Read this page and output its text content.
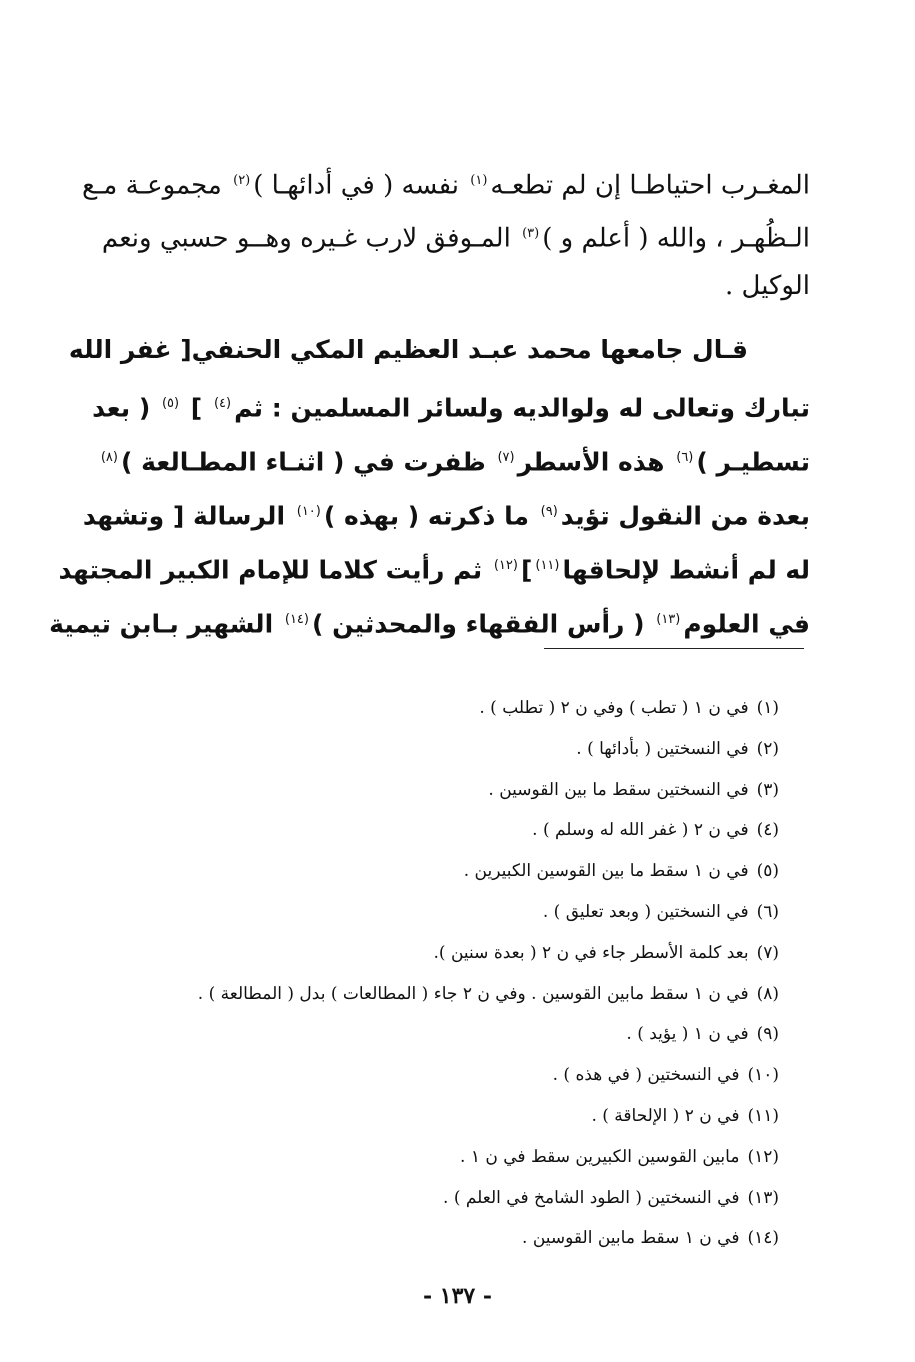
المغـرب احتياطـا إن لم تطعـه$^{(١)}$ نفسه ( في أدائهـا )$^{(٢)}$ مجموعـة مـع
الـظُهـر ، والله ( أعلم و )$^{(٣)}$ المـوفق لارب غـيره وهــو حسبي ونعم
الوكيل .
قـال جامعها محمد عبـد العظيم المكي الحنفي[ غفر الله
تبارك وتعالى له ولوالديه ولسائر المسلمين : ثم$^{(٤)}$ ] $^{(٥)}$ ( بعد
تسطيـر )$^{(٦)}$ هذه الأسطر$^{(٧)}$ ظفرت في ( اثنـاء المطـالعة )$^{(٨)}$
بعدة من النقول تؤيد$^{(٩)}$ ما ذكرته ( بهذه )$^{(١٠)}$ الرسالة [ وتشهد
له لم أنشط لإلحاقها$^{(١١)}$]$^{(١٢)}$ ثم رأيت كلاما للإمام الكبير المجتهد
في العلوم$^{(١٣)}$ ( رأس الفقهاء والمحدثين )$^{(١٤)}$ الشهير بـابن تيمية
(١)في ن ١ ( تطب ) وفي ن ٢ ( تطلب ) .
(٢)في النسختين ( بأدائها ) .
(٣)في النسختين سقط ما بين القوسين .
(٤)في ن ٢ ( غفر الله له وسلم ) .
(٥)في ن ١ سقط ما بين القوسين الكبيرين .
(٦)في النسختين ( وبعد تعليق ) .
(٧)بعد كلمة الأسطر جاء في ن ٢ ( بعدة سنين ).
(٨)في ن ١ سقط مابين القوسين . وفي ن ٢ جاء ( المطالعات ) بدل ( المطالعة ) .
(٩)في ن ١ ( يؤيد ) .
(١٠)في النسختين ( في هذه ) .
(١١)في ن ٢ ( الإلحاقة ) .
(١٢)مابين القوسين الكبيرين سقط في ن ١ .
(١٣)في النسختين ( الطود الشامخ في العلم ) .
(١٤)في ن ١ سقط مابين القوسين .
- ١٣٧ -
